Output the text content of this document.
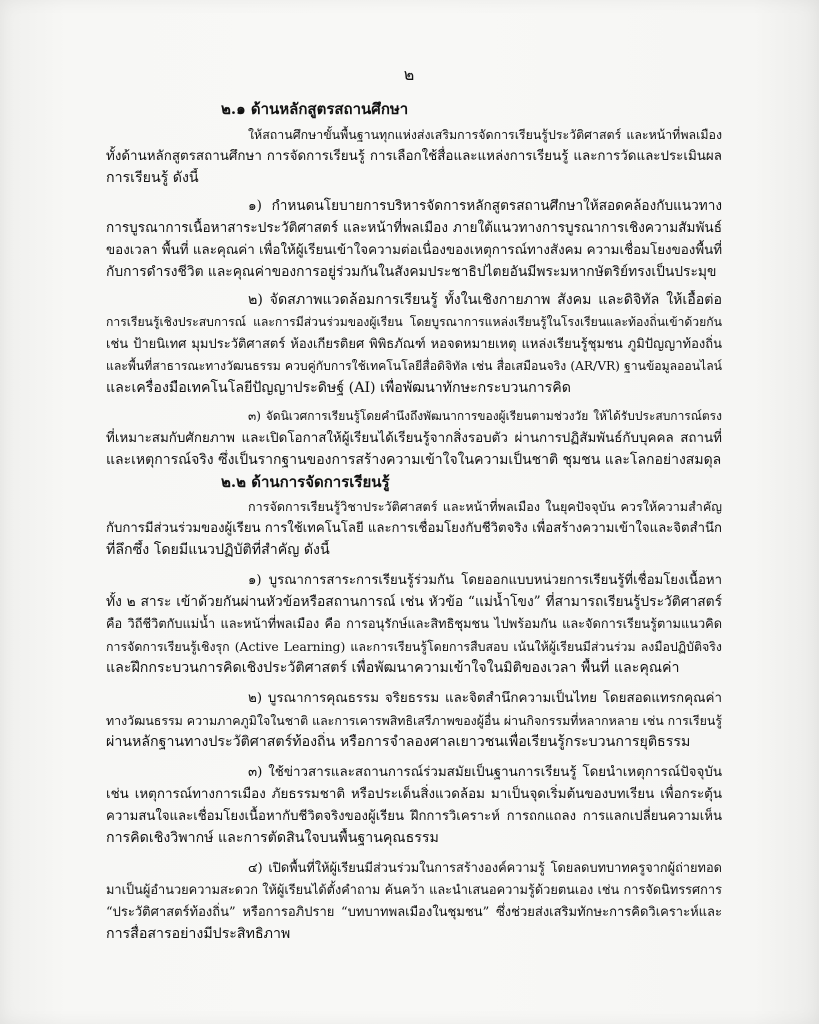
๒
๒.๑ ด้านหลักสูตรสถานศึกษา
ให้สถานศึกษาขั้นพื้นฐานทุกแห่งส่งเสริมการจัดการเรียนรู้ประวัติศาสตร์ และหน้าที่พลเมือง
ทั้งด้านหลักสูตรสถานศึกษา การจัดการเรียนรู้ การเลือกใช้สื่อและแหล่งการเรียนรู้ และการวัดและประเมินผล
การเรียนรู้ ดังนี้
๑) กำหนดนโยบายการบริหารจัดการหลักสูตรสถานศึกษาให้สอดคล้องกับแนวทาง
การบูรณาการเนื้อหาสาระประวัติศาสตร์ และหน้าที่พลเมือง ภายใต้แนวทางการบูรณาการเชิงความสัมพันธ์
ของเวลา พื้นที่ และคุณค่า เพื่อให้ผู้เรียนเข้าใจความต่อเนื่องของเหตุการณ์ทางสังคม ความเชื่อมโยงของพื้นที่
กับการดำรงชีวิต และคุณค่าของการอยู่ร่วมกันในสังคมประชาธิปไตยอันมีพระมหากษัตริย์ทรงเป็นประมุข
๒) จัดสภาพแวดล้อมการเรียนรู้ ทั้งในเชิงกายภาพ สังคม และดิจิทัล ให้เอื้อต่อ
การเรียนรู้เชิงประสบการณ์ และการมีส่วนร่วมของผู้เรียน โดยบูรณาการแหล่งเรียนรู้ในโรงเรียนและท้องถิ่นเข้าด้วยกัน
เช่น ป้ายนิเทศ มุมประวัติศาสตร์ ห้องเกียรติยศ พิพิธภัณฑ์ หอจดหมายเหตุ แหล่งเรียนรู้ชุมชน ภูมิปัญญาท้องถิ่น
และพื้นที่สาธารณะทางวัฒนธรรม ควบคู่กับการใช้เทคโนโลยีสื่อดิจิทัล เช่น สื่อเสมือนจริง (AR/VR) ฐานข้อมูลออนไลน์
และเครื่องมือเทคโนโลยีปัญญาประดิษฐ์ (AI) เพื่อพัฒนาทักษะกระบวนการคิด
๓) จัดนิเวศการเรียนรู้โดยคำนึงถึงพัฒนาการของผู้เรียนตามช่วงวัย ให้ได้รับประสบการณ์ตรง
ที่เหมาะสมกับศักยภาพ และเปิดโอกาสให้ผู้เรียนได้เรียนรู้จากสิ่งรอบตัว ผ่านการปฏิสัมพันธ์กับบุคคล สถานที่
และเหตุการณ์จริง ซึ่งเป็นรากฐานของการสร้างความเข้าใจในความเป็นชาติ ชุมชน และโลกอย่างสมดุล
๒.๒ ด้านการจัดการเรียนรู้
การจัดการเรียนรู้วิชาประวัติศาสตร์ และหน้าที่พลเมือง ในยุคปัจจุบัน ควรให้ความสำคัญ
กับการมีส่วนร่วมของผู้เรียน การใช้เทคโนโลยี และการเชื่อมโยงกับชีวิตจริง เพื่อสร้างความเข้าใจและจิตสำนึก
ที่ลึกซึ้ง โดยมีแนวปฏิบัติที่สำคัญ ดังนี้
๑) บูรณาการสาระการเรียนรู้ร่วมกัน โดยออกแบบหน่วยการเรียนรู้ที่เชื่อมโยงเนื้อหา
ทั้ง ๒ สาระ เข้าด้วยกันผ่านหัวข้อหรือสถานการณ์ เช่น หัวข้อ “แม่น้ำโขง” ที่สามารถเรียนรู้ประวัติศาสตร์
คือ วิถีชีวิตกับแม่น้ำ และหน้าที่พลเมือง คือ การอนุรักษ์และสิทธิชุมชน ไปพร้อมกัน และจัดการเรียนรู้ตามแนวคิด
การจัดการเรียนรู้เชิงรุก (Active Learning) และการเรียนรู้โดยการสืบสอบ เน้นให้ผู้เรียนมีส่วนร่วม ลงมือปฏิบัติจริง
และฝึกกระบวนการคิดเชิงประวัติศาสตร์ เพื่อพัฒนาความเข้าใจในมิติของเวลา พื้นที่ และคุณค่า
๒) บูรณาการคุณธรรม จริยธรรม และจิตสำนึกความเป็นไทย โดยสอดแทรกคุณค่า
ทางวัฒนธรรม ความภาคภูมิใจในชาติ และการเคารพสิทธิเสรีภาพของผู้อื่น ผ่านกิจกรรมที่หลากหลาย เช่น การเรียนรู้
ผ่านหลักฐานทางประวัติศาสตร์ท้องถิ่น หรือการจำลองศาลเยาวชนเพื่อเรียนรู้กระบวนการยุติธรรม
๓) ใช้ข่าวสารและสถานการณ์ร่วมสมัยเป็นฐานการเรียนรู้ โดยนำเหตุการณ์ปัจจุบัน
เช่น เหตุการณ์ทางการเมือง ภัยธรรมชาติ หรือประเด็นสิ่งแวดล้อม มาเป็นจุดเริ่มต้นของบทเรียน เพื่อกระตุ้น
ความสนใจและเชื่อมโยงเนื้อหากับชีวิตจริงของผู้เรียน ฝึกการวิเคราะห์ การถกแถลง การแลกเปลี่ยนความเห็น
การคิดเชิงวิพากษ์ และการตัดสินใจบนพื้นฐานคุณธรรม
๔) เปิดพื้นที่ให้ผู้เรียนมีส่วนร่วมในการสร้างองค์ความรู้ โดยลดบทบาทครูจากผู้ถ่ายทอด
มาเป็นผู้อำนวยความสะดวก ให้ผู้เรียนได้ตั้งคำถาม ค้นคว้า และนำเสนอความรู้ด้วยตนเอง เช่น การจัดนิทรรศการ
“ประวัติศาสตร์ท้องถิ่น” หรือการอภิปราย “บทบาทพลเมืองในชุมชน” ซึ่งช่วยส่งเสริมทักษะการคิดวิเคราะห์และ
การสื่อสารอย่างมีประสิทธิภาพ
